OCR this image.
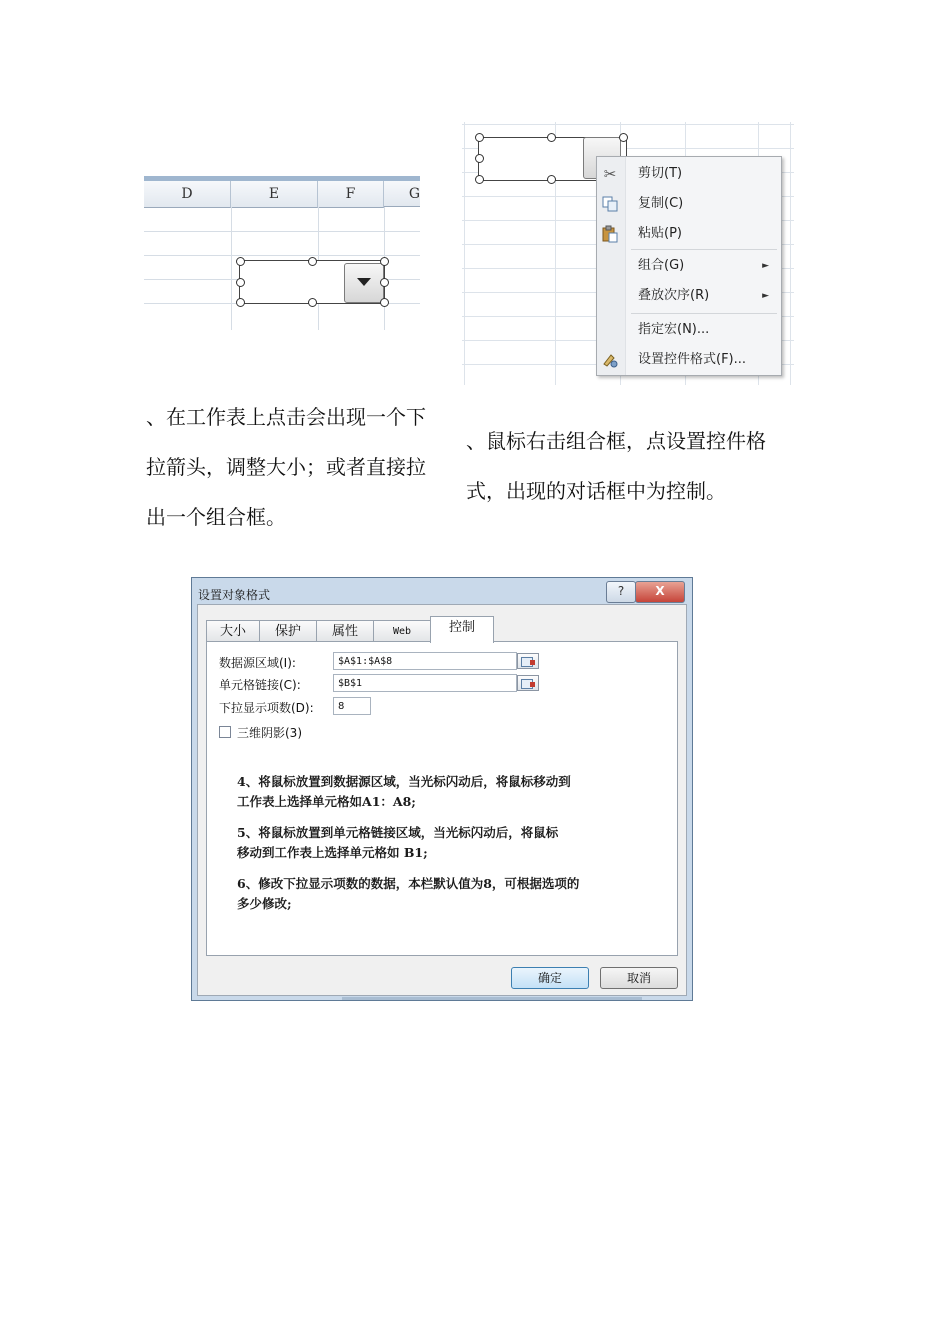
D	E	F	G
✂ 剪切(T)
复制(C)
粘贴(P)
组合(G)	►
叠放次序(R)	►
指定宏(N)...
设置控件格式(F)...
、在工作表上点击会出现一个下
拉箭头，调整大小；或者直接拉
出一个组合框。
、鼠标右击组合框，点设置控件格
式，出现的对话框中为控制。
设置对象格式	?	X
大小	保护	属性	Web	控制
数据源区域(I):	$A$1:$A$8
单元格链接(C):	$B$1
下拉显示项数(D):	8
三维阴影(3)
4、将鼠标放置到数据源区域，当光标闪动后，将鼠标移动到
工作表上选择单元格如A1：A8;
5、将鼠标放置到单元格链接区域，当光标闪动后，将鼠标
移动到工作表上选择单元格如 B1;
6、修改下拉显示项数的数据，本栏默认值为8，可根据选项的
多少修改;
确定	取消
